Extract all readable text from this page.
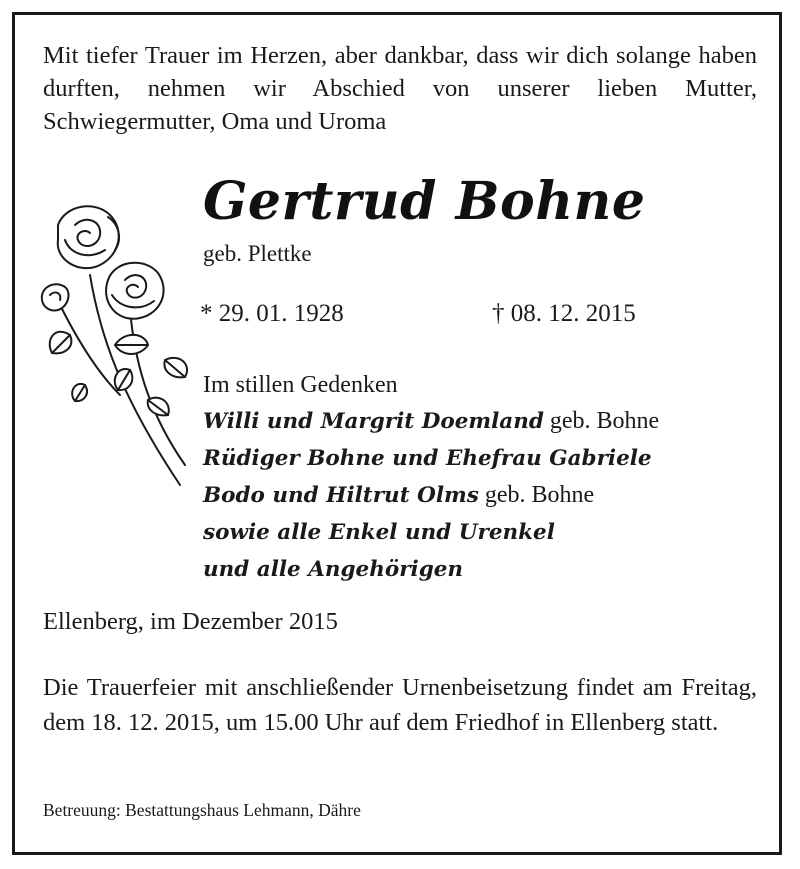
Mit tiefer Trauer im Herzen, aber dankbar, dass wir dich solange haben durften, nehmen wir Abschied von unserer lieben Mutter, Schwiegermutter, Oma und Uroma
Gertrud Bohne
geb. Plettke
* 29. 01. 1928	† 08. 12. 2015
Im stillen Gedenken
Willi und Margrit Doemland geb. Bohne
Rüdiger Bohne und Ehefrau Gabriele
Bodo und Hiltrut Olms geb. Bohne
sowie alle Enkel und Urenkel
und alle Angehörigen
Ellenberg, im Dezember 2015
Die Trauerfeier mit anschließender Urnenbeisetzung findet am Freitag, dem 18. 12. 2015, um 15.00 Uhr auf dem Friedhof in Ellenberg statt.
Betreuung: Bestattungshaus Lehmann, Dähre
